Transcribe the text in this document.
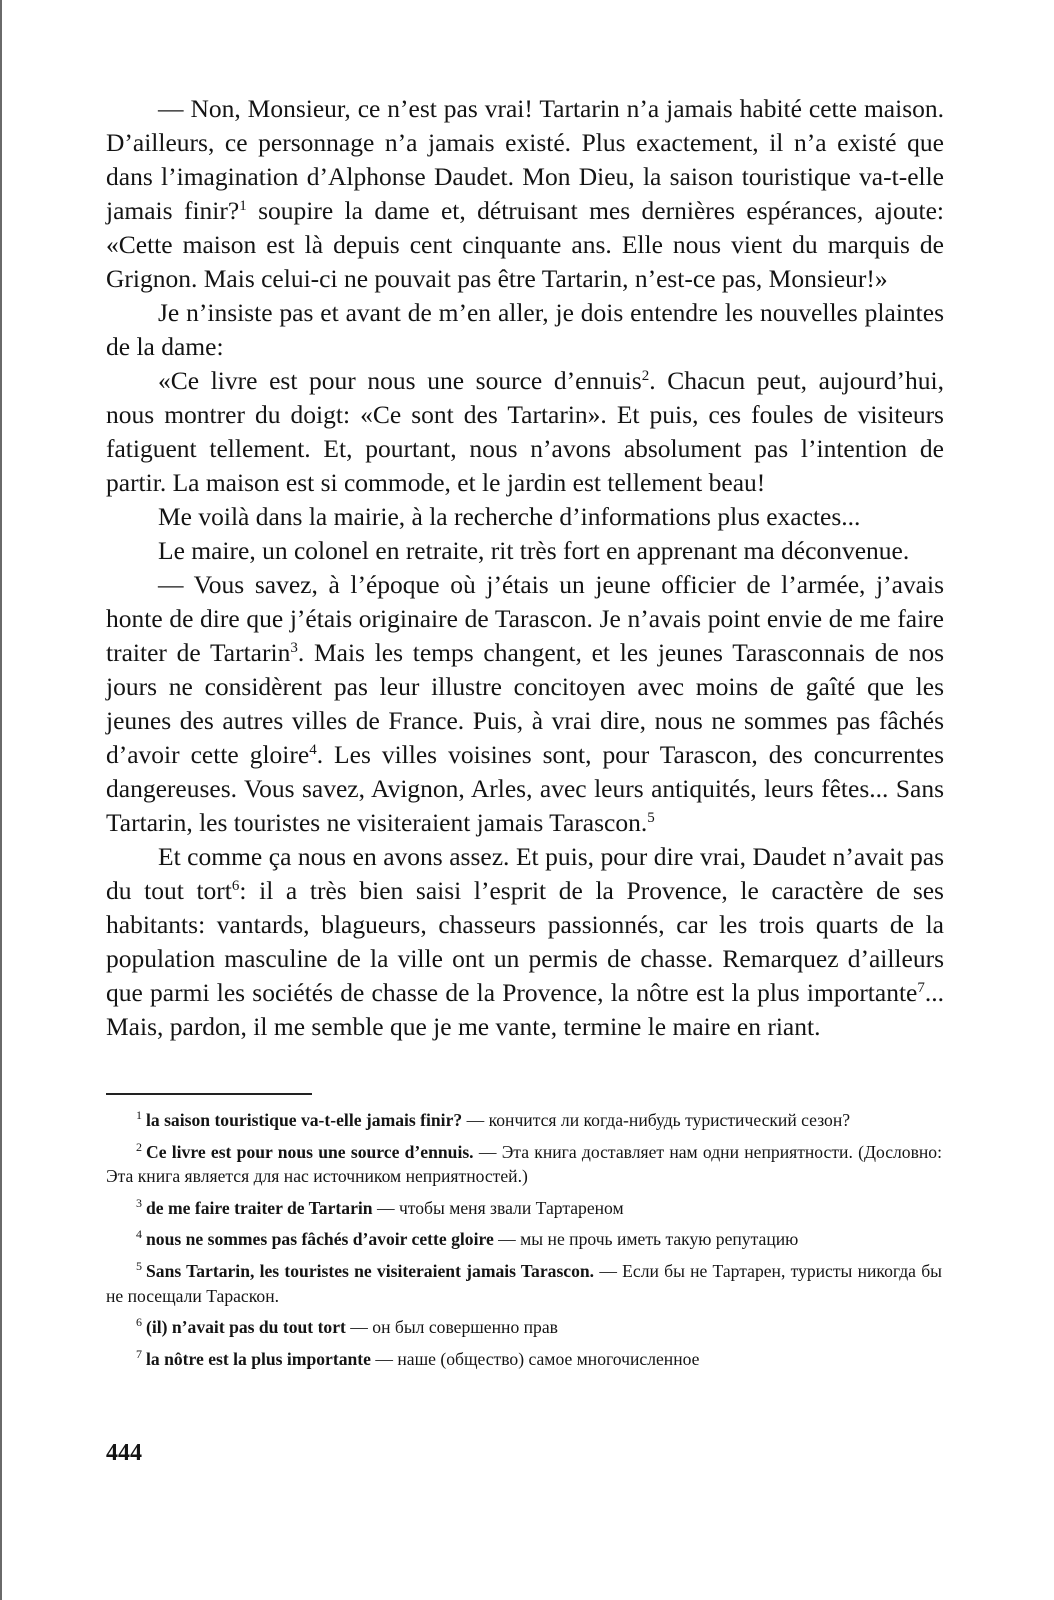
— Non, Monsieur, ce n’est pas vrai! Tartarin n’a jamais habité cette maison. D’ailleurs, ce personnage n’a jamais existé. Plus exactement, il n’a existé que dans l’imagination d’Alphonse Daudet. Mon Dieu, la saison touristique va-t-elle jamais finir?$^1$ soupire la dame et, détruisant mes dernières espérances, ajoute: «Cette maison est là depuis cent cinquante ans. Elle nous vient du marquis de Grignon. Mais celui-ci ne pouvait pas être Tartarin, n’est-ce pas, Monsieur!»

Je n’insiste pas et avant de m’en aller, je dois entendre les nouvelles plaintes de la dame:

«Ce livre est pour nous une source d’ennuis$^2$. Chacun peut, aujourd’hui, nous montrer du doigt: «Ce sont des Tartarin». Et puis, ces foules de visiteurs fatiguent tellement. Et, pourtant, nous n’avons absolument pas l’intention de partir. La maison est si commode, et le jardin est tellement beau!

Me voilà dans la mairie, à la recherche d’informations plus exactes...

Le maire, un colonel en retraite, rit très fort en apprenant ma déconvenue.

— Vous savez, à l’époque où j’étais un jeune officier de l’armée, j’avais honte de dire que j’étais originaire de Tarascon. Je n’avais point envie de me faire traiter de Tartarin$^3$. Mais les temps changent, et les jeunes Tarasconnais de nos jours ne considèrent pas leur illustre concitoyen avec moins de gaîté que les jeunes des autres villes de France. Puis, à vrai dire, nous ne sommes pas fâchés d’avoir cette gloire$^4$. Les villes voisines sont, pour Tarascon, des concurrentes dangereuses. Vous savez, Avignon, Arles, avec leurs antiquités, leurs fêtes... Sans Tartarin, les touristes ne visiteraient jamais Tarascon.$^5$

Et comme ça nous en avons assez. Et puis, pour dire vrai, Daudet n’avait pas du tout tort$^6$: il a très bien saisi l’esprit de la Provence, le caractère de ses habitants: vantards, blagueurs, chasseurs passionnés, car les trois quarts de la population masculine de la ville ont un permis de chasse. Remarquez d’ailleurs que parmi les sociétés de chasse de la Provence, la nôtre est la plus importante$^7$... Mais, pardon, il me semble que je me vante, termine le maire en riant.

$^1$ la saison touristique va-t-elle jamais finir? — кончится ли когда-нибудь туристический сезон?

$^2$ Ce livre est pour nous une source d’ennuis. — Эта книга доставляет нам одни неприятности. (Дословно: Эта книга является для нас источником неприятностей.)

$^3$ de me faire traiter de Tartarin — чтобы меня звали Тартареном

$^4$ nous ne sommes pas fâchés d’avoir cette gloire — мы не прочь иметь такую репутацию

$^5$ Sans Tartarin, les touristes ne visiteraient jamais Tarascon. — Если бы не Тартарен, туристы никогда бы не посещали Тараскон.

$^6$ (il) n’avait pas du tout tort — он был совершенно прав

$^7$ la nôtre est la plus importante — наше (общество) самое многочисленное

444
